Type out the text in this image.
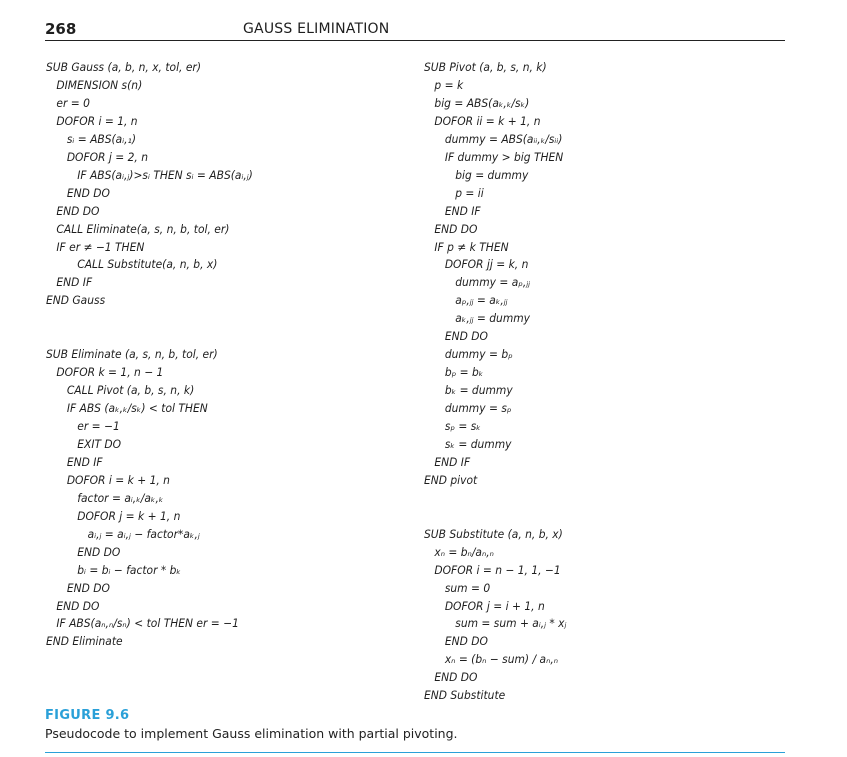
268	GAUSS ELIMINATION
SUB Gauss (a, b, n, x, tol, er)
DIMENSION s(n)
er = 0
DOFOR i = 1, n
sᵢ = ABS(aᵢ,₁)
DOFOR j = 2, n
IF ABS(aᵢ,ⱼ)>sᵢ THEN sᵢ = ABS(aᵢ,ⱼ)
END DO
END DO
CALL Eliminate(a, s, n, b, tol, er)
IF er ≠ −1 THEN
CALL Substitute(a, n, b, x)
END IF
END Gauss
SUB Eliminate (a, s, n, b, tol, er)
DOFOR k = 1, n − 1
CALL Pivot (a, b, s, n, k)
IF ABS (aₖ,ₖ/sₖ) < tol THEN
er = −1
EXIT DO
END IF
DOFOR i = k + 1, n
factor = aᵢ,ₖ/aₖ,ₖ
DOFOR j = k + 1, n
aᵢ,ⱼ = aᵢ,ⱼ − factor*aₖ,ⱼ
END DO
bᵢ = bᵢ − factor * bₖ
END DO
END DO
IF ABS(aₙ,ₙ/sₙ) < tol THEN er = −1
END Eliminate
SUB Pivot (a, b, s, n, k)
p = k
big = ABS(aₖ,ₖ/sₖ)
DOFOR ii = k + 1, n
dummy = ABS(aᵢᵢ,ₖ/sᵢᵢ)
IF dummy > big THEN
big = dummy
p = ii
END IF
END DO
IF p ≠ k THEN
DOFOR jj = k, n
dummy = aₚ,ⱼⱼ
aₚ,ⱼⱼ = aₖ,ⱼⱼ
aₖ,ⱼⱼ = dummy
END DO
dummy = bₚ
bₚ = bₖ
bₖ = dummy
dummy = sₚ
sₚ = sₖ
sₖ = dummy
END IF
END pivot
SUB Substitute (a, n, b, x)
xₙ = bₙ/aₙ,ₙ
DOFOR i = n − 1, 1, −1
sum = 0
DOFOR j = i + 1, n
sum = sum + aᵢ,ⱼ * xⱼ
END DO
xₙ = (bₙ − sum) / aₙ,ₙ
END DO
END Substitute
FIGURE 9.6
Pseudocode to implement Gauss elimination with partial pivoting.
